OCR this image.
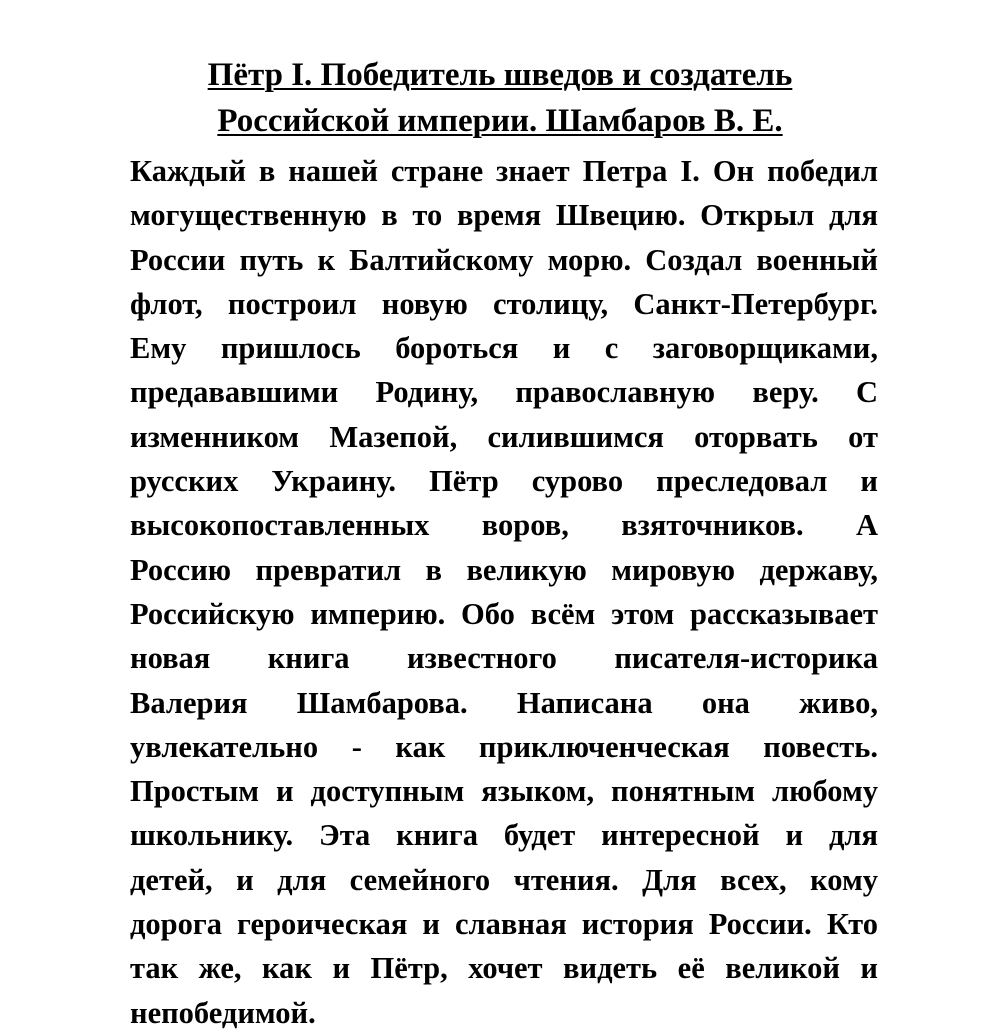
Пётр I. Победитель шведов и создатель
Российской империи. Шамбаров В. Е.
Каждый в нашей стране знает Петра I. Он победил
могущественную в то время Швецию. Открыл для
России путь к Балтийскому морю. Создал военный
флот, построил новую столицу, Санкт-Петербург.
Ему пришлось бороться и с заговорщиками,
предававшими Родину, православную веру. С
изменником Мазепой, силившимся оторвать от
русских Украину. Пётр сурово преследовал и
высокопоставленных воров, взяточников. А
Россию превратил в великую мировую державу,
Российскую империю. Обо всём этом рассказывает
новая книга известного писателя-историка
Валерия Шамбарова. Написана она живо,
увлекательно - как приключенческая повесть.
Простым и доступным языком, понятным любому
школьнику. Эта книга будет интересной и для
детей, и для семейного чтения. Для всех, кому
дорога героическая и славная история России. Кто
так же, как и Пётр, хочет видеть её великой и
непобедимой.
